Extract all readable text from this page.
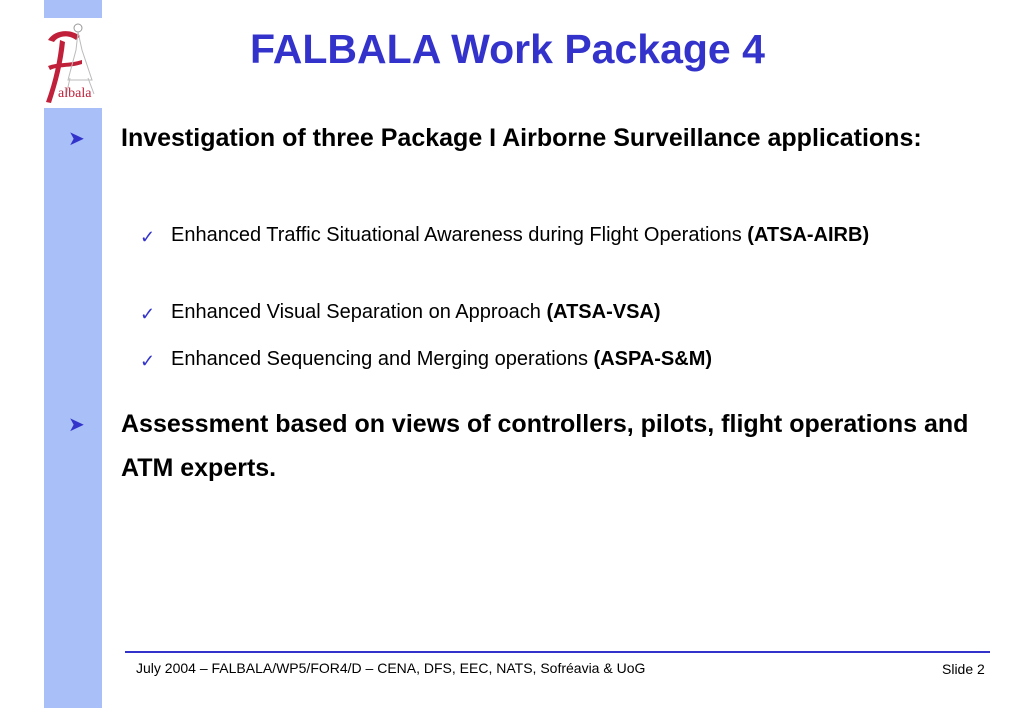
albala
FALBALA Work Package 4
➤ Investigation of three Package I Airborne Surveillance applications:
✓ Enhanced Traffic Situational Awareness during Flight Operations (ATSA-AIRB)
✓ Enhanced Visual Separation on Approach (ATSA-VSA)
✓ Enhanced Sequencing and Merging operations (ASPA-S&M)
➤ Assessment based on views of controllers, pilots, flight operations and ATM experts.
July 2004 – FALBALA/WP5/FOR4/D – CENA, DFS, EEC, NATS, Sofréavia & UoG	Slide 2
